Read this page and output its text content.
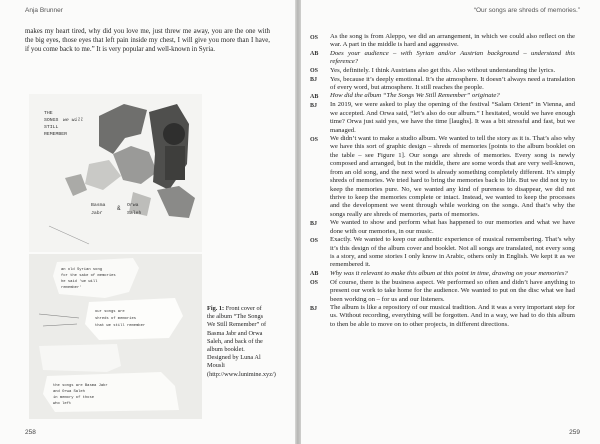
Anja Brunner
makes my heart tired, why did you love me, just threw me away, you are the one with the big eyes, those eyes that left pain inside my chest, I will give you more than I have, if you come back to me.” It is very popular and well-known in Syria.
THE
SONGS we will
STILL
REMEMBER
Basma
Jabr
& Orwa
Saleh
an old Syrian song
for the sake of memories
he said 'we will
remember'
our songs are
shreds of memories
that we still remember
the songs are Basma Jabr
and Orwa Saleh
in memory of those
who left
Fig. 1: Front cover of the album “The Songs We Still Remember” of Basma Jabr and Orwa Saleh, and back of the album booklet. Designed by Luna Al Mousli (http://www.lunimine.xyz/)
258
“Our songs are shreds of memories.”
OS	As the song is from Aleppo, we did an arrangement, in which we could also reflect on the war. A part in the middle is hard and aggressive.
AB	Does your audience – with Syrian and/or Austrian background – understand this reference?
OS	Yes, definitely. I think Austrians also get this. Also without understanding the lyrics.
BJ	Yes, because it’s deeply emotional. It’s the atmosphere. It doesn’t always need a translation of every word, but atmosphere. It still reaches the people.
AB	How did the album “The Songs We Still Remember” originate?
BJ	In 2019, we were asked to play the opening of the festival “Salam Orient” in Vienna, and we accepted. And Orwa said, “let’s also do our album.” I hesitated, would we have enough time? Orwa just said yes, we have the time [laughs]. It was a bit stressful and fast, but we managed.
OS	We didn’t want to make a studio album. We wanted to tell the story as it is. That’s also why we have this sort of graphic design – shreds of memories [points to the album booklet on the table – see Figure 1]. Our songs are shreds of memories. Every song is newly composed and arranged, but in the middle, there are some words that are very well-known, from an old song, and the next word is already something completely different. It’s simply shreds of memories. We tried hard to bring the memories back to life. But we did not try to keep the memories pure. No, we wanted any kind of pureness to disappear, we did not thrive to keep the memories complete or intact. Instead, we wanted to keep the processes and the development we went through while working on the songs. And that’s why the songs really are shreds of memories, parts of memories.
BJ	We wanted to show and perform what has happened to our memories and what we have done with our memories, in our music.
OS	Exactly. We wanted to keep our authentic experience of musical remembering. That’s why it’s this design of the album cover and booklet. Not all songs are translated, not every song is a story, and some stories I only know in Arabic, others only in English. We kept it as we remembered it.
AB	Why was it relevant to make this album at this point in time, drawing on your memories?
OS	Of course, there is the business aspect. We performed so often and didn’t have anything to present our work to take home for the audience. We wanted to put on the disc what we had been working on – for us and our listeners.
BJ	The album is like a repository of our musical tradition. And it was a very important step for us. Without recording, everything will be forgotten. And in a way, we had to do this album to then be able to move on to other projects, in different directions.
259
